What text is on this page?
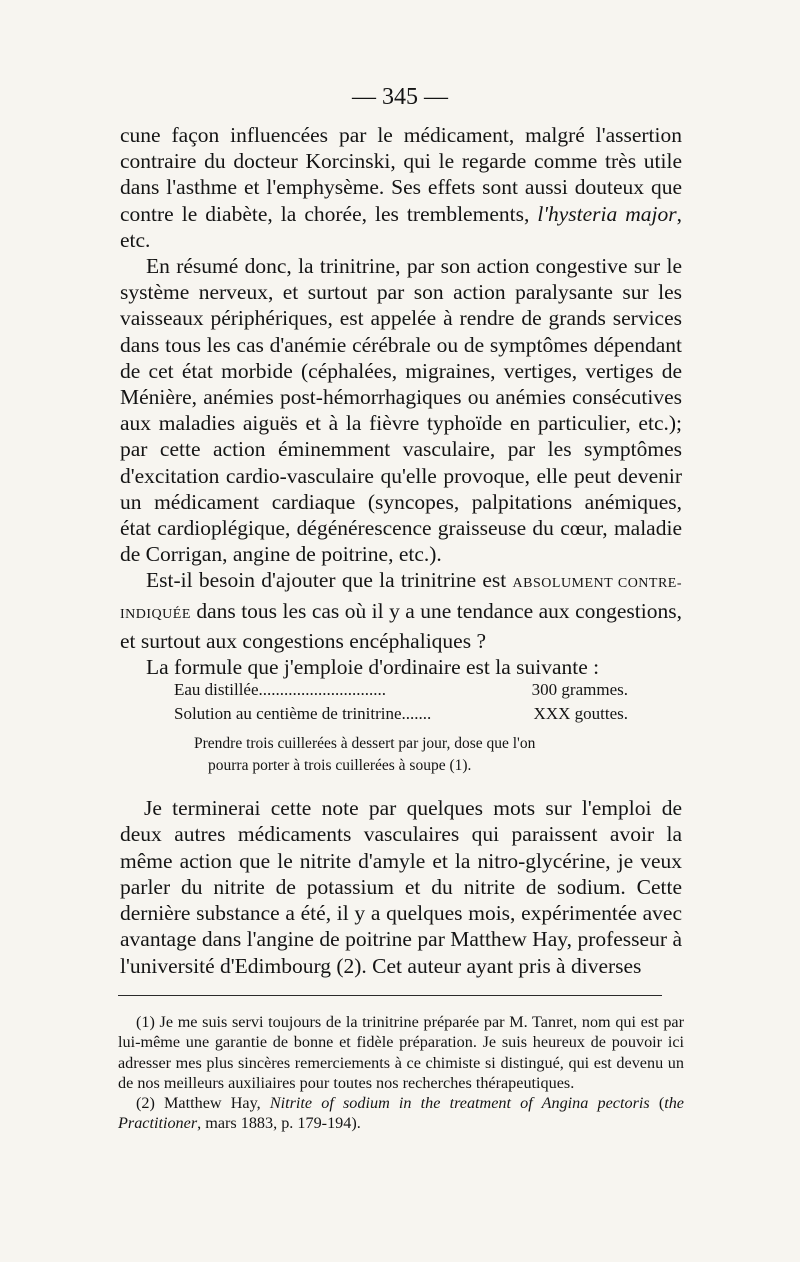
— 345 —

cune façon influencées par le médicament, malgré l'assertion contraire du docteur Korcinski, qui le regarde comme très utile dans l'asthme et l'emphysème. Ses effets sont aussi douteux que contre le diabète, la chorée, les tremblements, l'hysteria major, etc.

En résumé donc, la trinitrine, par son action congestive sur le système nerveux, et surtout par son action paralysante sur les vaisseaux périphériques, est appelée à rendre de grands services dans tous les cas d'anémie cérébrale ou de symptômes dépendant de cet état morbide (céphalées, migraines, vertiges, vertiges de Ménière, anémies post-hémorrhagiques ou anémies consécutives aux maladies aiguës et à la fièvre typhoïde en particulier, etc.); par cette action éminemment vasculaire, par les symptômes d'excitation cardio-vasculaire qu'elle provoque, elle peut devenir un médicament cardiaque (syncopes, palpitations anémiques, état cardioplégique, dégénérescence graisseuse du cœur, maladie de Corrigan, angine de poitrine, etc.).

Est-il besoin d'ajouter que la trinitrine est ABSOLUMENT CONTRE-INDIQUÉE dans tous les cas où il y a une tendance aux congestions, et surtout aux congestions encéphaliques ?

La formule que j'emploie d'ordinaire est la suivante :

Eau distillée..............................	300 grammes.
Solution au centième de trinitrine.......	XXX gouttes.
Prendre trois cuillerées à dessert par jour, dose que l'on
pourra porter à trois cuillerées à soupe (1).

Je terminerai cette note par quelques mots sur l'emploi de deux autres médicaments vasculaires qui paraissent avoir la même action que le nitrite d'amyle et la nitro-glycérine, je veux parler du nitrite de potassium et du nitrite de sodium. Cette dernière substance a été, il y a quelques mois, expérimentée avec avantage dans l'angine de poitrine par Matthew Hay, professeur à l'université d'Edimbourg (2). Cet auteur ayant pris à diverses

(1) Je me suis servi toujours de la trinitrine préparée par M. Tanret, nom qui est par lui-même une garantie de bonne et fidèle préparation. Je suis heureux de pouvoir ici adresser mes plus sincères remerciements à ce chimiste si distingué, qui est devenu un de nos meilleurs auxiliaires pour toutes nos recherches thérapeutiques.

(2) Matthew Hay, Nitrite of sodium in the treatment of Angina pectoris (the Practitioner, mars 1883, p. 179-194).
